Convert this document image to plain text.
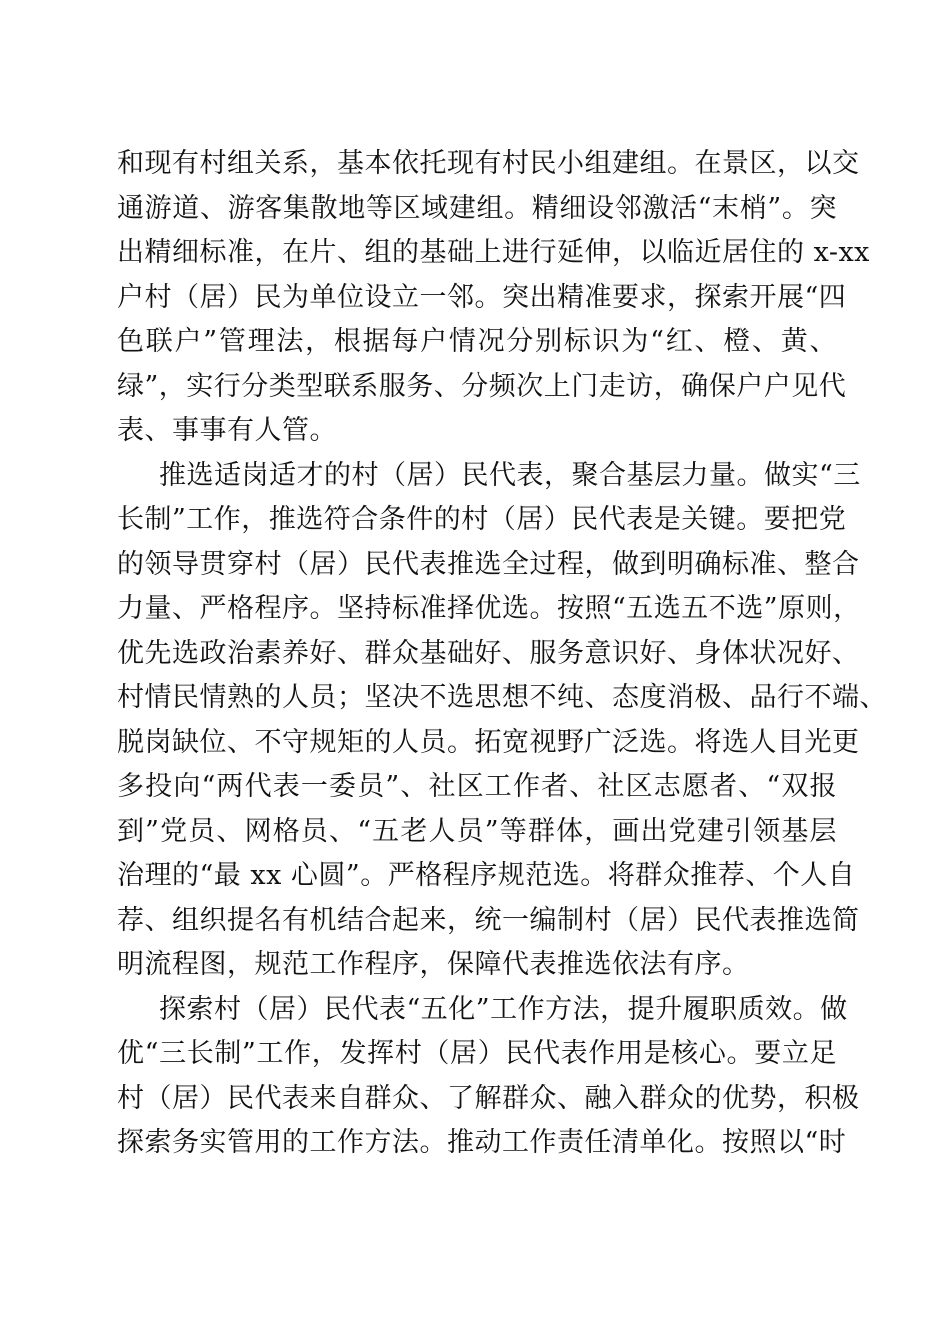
和现有村组关系，基本依托现有村民小组建组。在景区，以交
通游道、游客集散地等区域建组。精细设邻激活“末梢”。突
出精细标准，在片、组的基础上进行延伸，以临近居住的 x-xx
户村（居）民为单位设立一邻。突出精准要求，探索开展“四
色联户”管理法，根据每户情况分别标识为“红、橙、黄、
绿”，实行分类型联系服务、分频次上门走访，确保户户见代
表、事事有人管。
推选适岗适才的村（居）民代表，聚合基层力量。做实“三
长制”工作，推选符合条件的村（居）民代表是关键。要把党
的领导贯穿村（居）民代表推选全过程，做到明确标准、整合
力量、严格程序。坚持标准择优选。按照“五选五不选”原则，
优先选政治素养好、群众基础好、服务意识好、身体状况好、
村情民情熟的人员；坚决不选思想不纯、态度消极、品行不端、
脱岗缺位、不守规矩的人员。拓宽视野广泛选。将选人目光更
多投向“两代表一委员”、社区工作者、社区志愿者、“双报
到”党员、网格员、“五老人员”等群体，画出党建引领基层
治理的“最 xx 心圆”。严格程序规范选。将群众推荐、个人自
荐、组织提名有机结合起来，统一编制村（居）民代表推选简
明流程图，规范工作程序，保障代表推选依法有序。
探索村（居）民代表“五化”工作方法，提升履职质效。做
优“三长制”工作，发挥村（居）民代表作用是核心。要立足
村（居）民代表来自群众、了解群众、融入群众的优势，积极
探索务实管用的工作方法。推动工作责任清单化。按照以“时
